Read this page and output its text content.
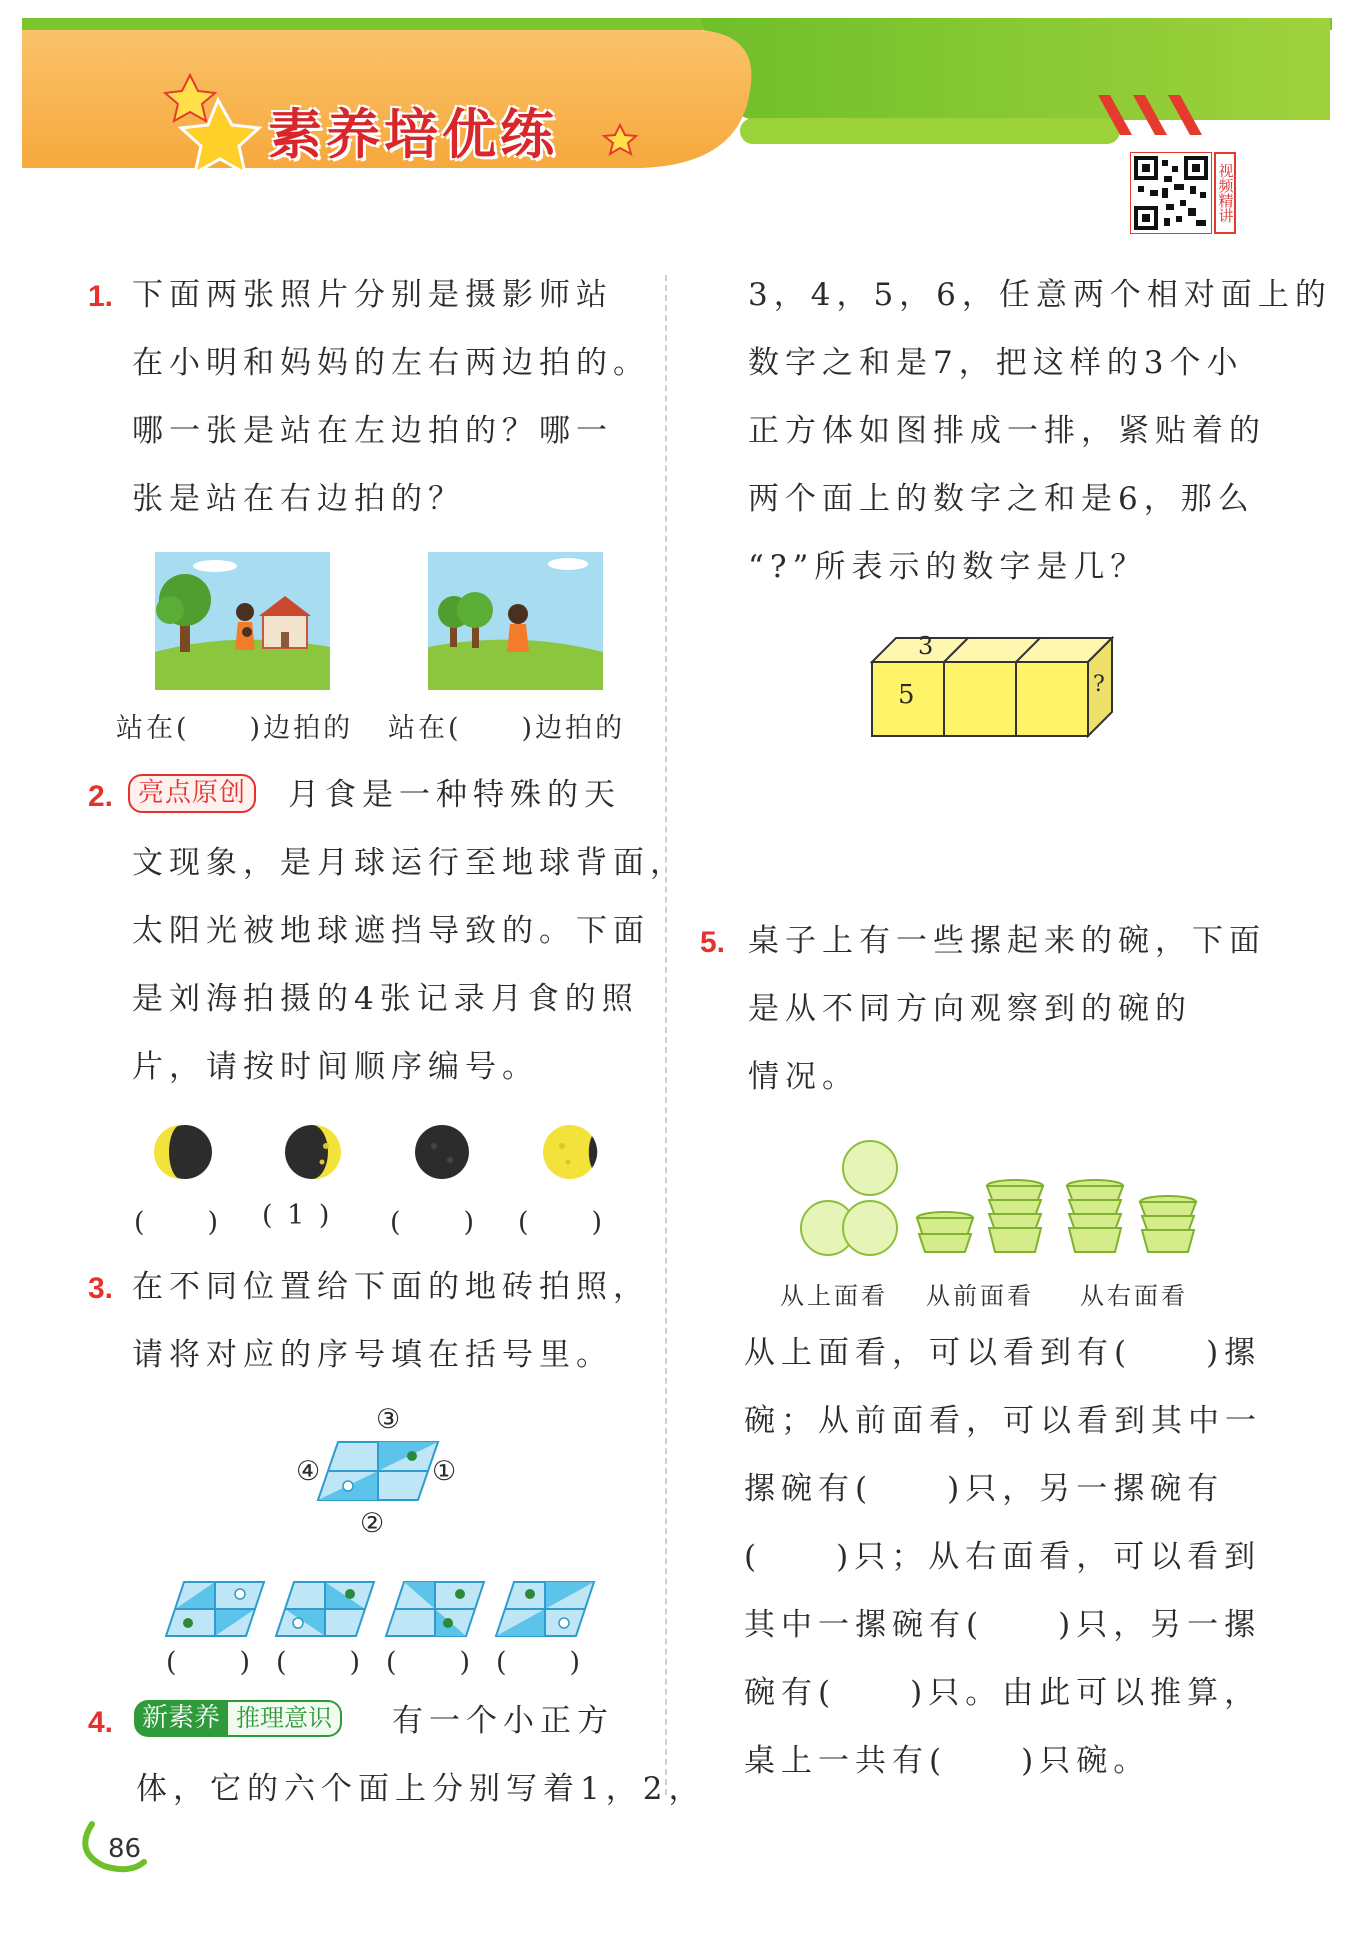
素养培优练
视频精讲
1. 下面两张照片分别是摄影师站
在小明和妈妈的左右两边拍的。
哪一张是站在左边拍的？哪一
张是站在右边拍的？
站在(　　)边拍的 站在(　　)边拍的
2. 亮点原创	月食是一种特殊的天
文现象，是月球运行至地球背面，
太阳光被地球遮挡导致的。下面
是刘海拍摄的4张记录月食的照
片，请按时间顺序编号。
(　　) ( 1 ) (　　) (　　)
3. 在不同位置给下面的地砖拍照，
请将对应的序号填在括号里。
③
①
②
④
(　　) (　　) (　　) (　　)
4.	新素养 推理意识	有一个小正方
体，它的六个面上分别写着1，2，
3，4，5，6，任意两个相对面上的
数字之和是7，把这样的3个小
正方体如图排成一排，紧贴着的
两个面上的数字之和是6，那么
“?”所表示的数字是几？
3
5	?
5. 桌子上有一些摞起来的碗，下面
是从不同方向观察到的碗的
情况。
从上面看 从前面看 从右面看
从上面看，可以看到有(　　)摞
碗；从前面看，可以看到其中一
摞碗有(　　)只，另一摞碗有
(　　)只；从右面看，可以看到
其中一摞碗有(　　)只，另一摞
碗有(　　)只。由此可以推算，
桌上一共有(　　)只碗。
86
